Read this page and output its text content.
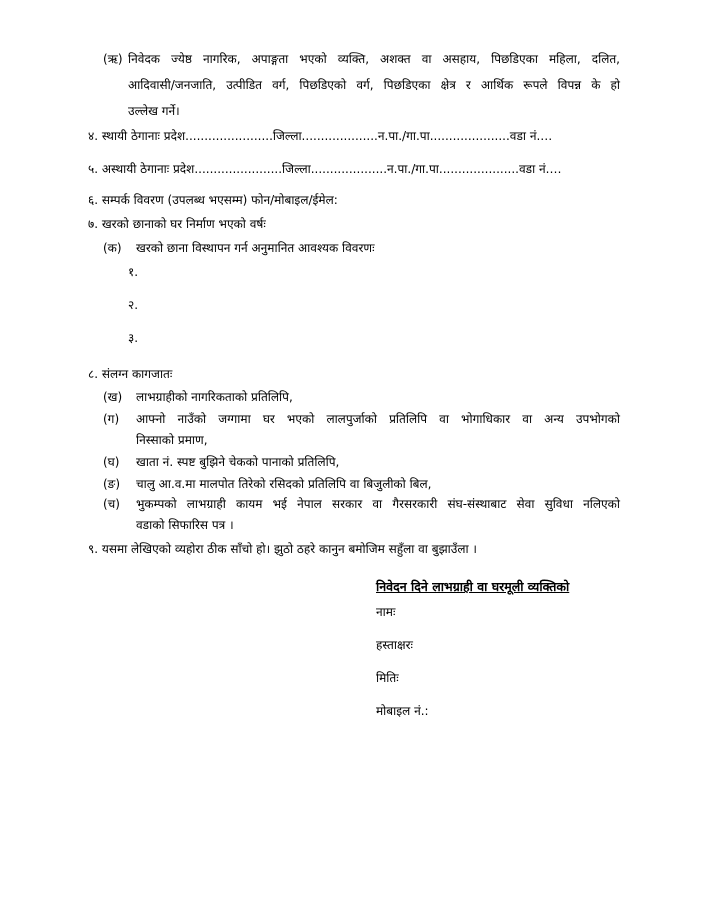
(ऋ) निवेदक ज्येष्ठ नागरिक, अपाङ्गता भएको व्यक्ति, अशक्त वा असहाय, पिछडिएका महिला, दलित,
आदिवासी/जनजाति, उत्पीडित वर्ग, पिछडिएको वर्ग, पिछडिएका क्षेत्र र आर्थिक रूपले विपन्न के हो
उल्लेख गर्ने।
४. स्थायी ठेगानाः प्रदेश.......................जिल्ला....................न.पा./गा.पा.....................वडा नं.…
५. अस्थायी ठेगानाः प्रदेश.......................जिल्ला....................न.पा./गा.पा.....................वडा नं.…
६. सम्पर्क विवरण (उपलब्ध भएसम्म) फोन/मोबाइल/ईमेल:
७. खरको छानाको घर निर्माण भएको वर्षः
(क) खरको छाना विस्थापन गर्न अनुमानित आवश्यक विवरणः
१.
२.
३.
८. संलग्न कागजातः
(ख) लाभग्राहीको नागरिकताको प्रतिलिपि,
(ग) आफ्नो नाउँको जग्गामा घर भएको लालपुर्जाको प्रतिलिपि वा भोगाधिकार वा अन्य उपभोगको
निस्साको प्रमाण,
(घ) खाता नं. स्पष्ट बुझिने चेकको पानाको प्रतिलिपि,
(ङ) चालु आ.व.मा मालपोत तिरेको रसिदको प्रतिलिपि वा बिजुलीको बिल,
(च) भुकम्पको लाभग्राही कायम भई नेपाल सरकार वा गैरसरकारी संघ-संस्थाबाट सेवा सुविधा नलिएको
वडाको सिफारिस पत्र ।
९. यसमा लेखिएको व्यहोरा ठीक साँचो हो। झुठो ठहरे कानुन बमोजिम सहुँला वा बुझाउँला ।
निवेदन दिने लाभग्राही वा घरमूली व्यक्तिको
नामः
हस्ताक्षरः
मितिः
मोबाइल नं.:
